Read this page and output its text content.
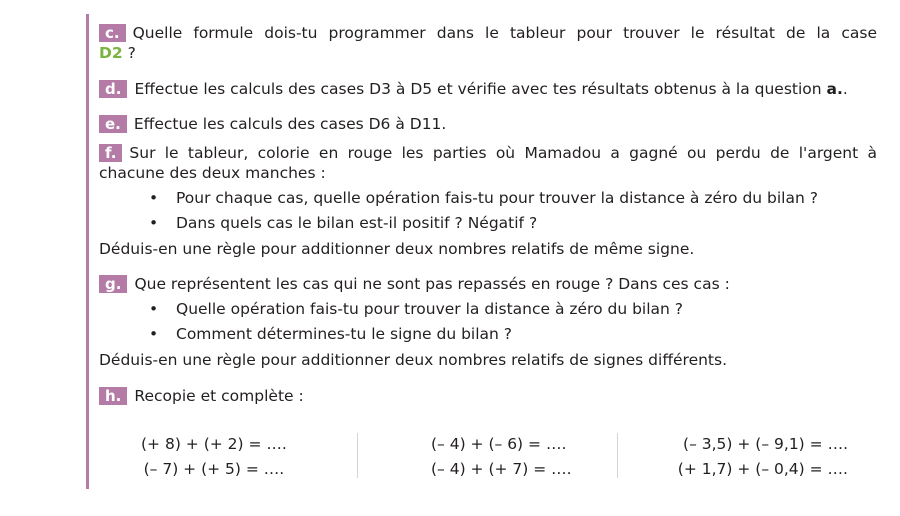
c. Quelle formule dois-tu programmer dans le tableur pour trouver le résultat de la case
D2 ?
d. Effectue les calculs des cases D3 à D5 et vérifie avec tes résultats obtenus à la question a..
e. Effectue les calculs des cases D6 à D11.
f. Sur le tableur, colorie en rouge les parties où Mamadou a gagné ou perdu de l'argent à chacune des deux manches :
• Pour chaque cas, quelle opération fais-tu pour trouver la distance à zéro du bilan ?
• Dans quels cas le bilan est-il positif ? Négatif ?
Déduis-en une règle pour additionner deux nombres relatifs de même signe.
g. Que représentent les cas qui ne sont pas repassés en rouge ? Dans ces cas :
• Quelle opération fais-tu pour trouver la distance à zéro du bilan ?
• Comment détermines-tu le signe du bilan ?
Déduis-en une règle pour additionner deux nombres relatifs de signes différents.
h. Recopie et complète :
(+ 8) + (+ 2) = ….
(– 7) + (+ 5) = ….
(– 4) + (– 6) = ….
(– 4) + (+ 7) = ….
(– 3,5) + (– 9,1) = ….
(+ 1,7) + (– 0,4) = ….
